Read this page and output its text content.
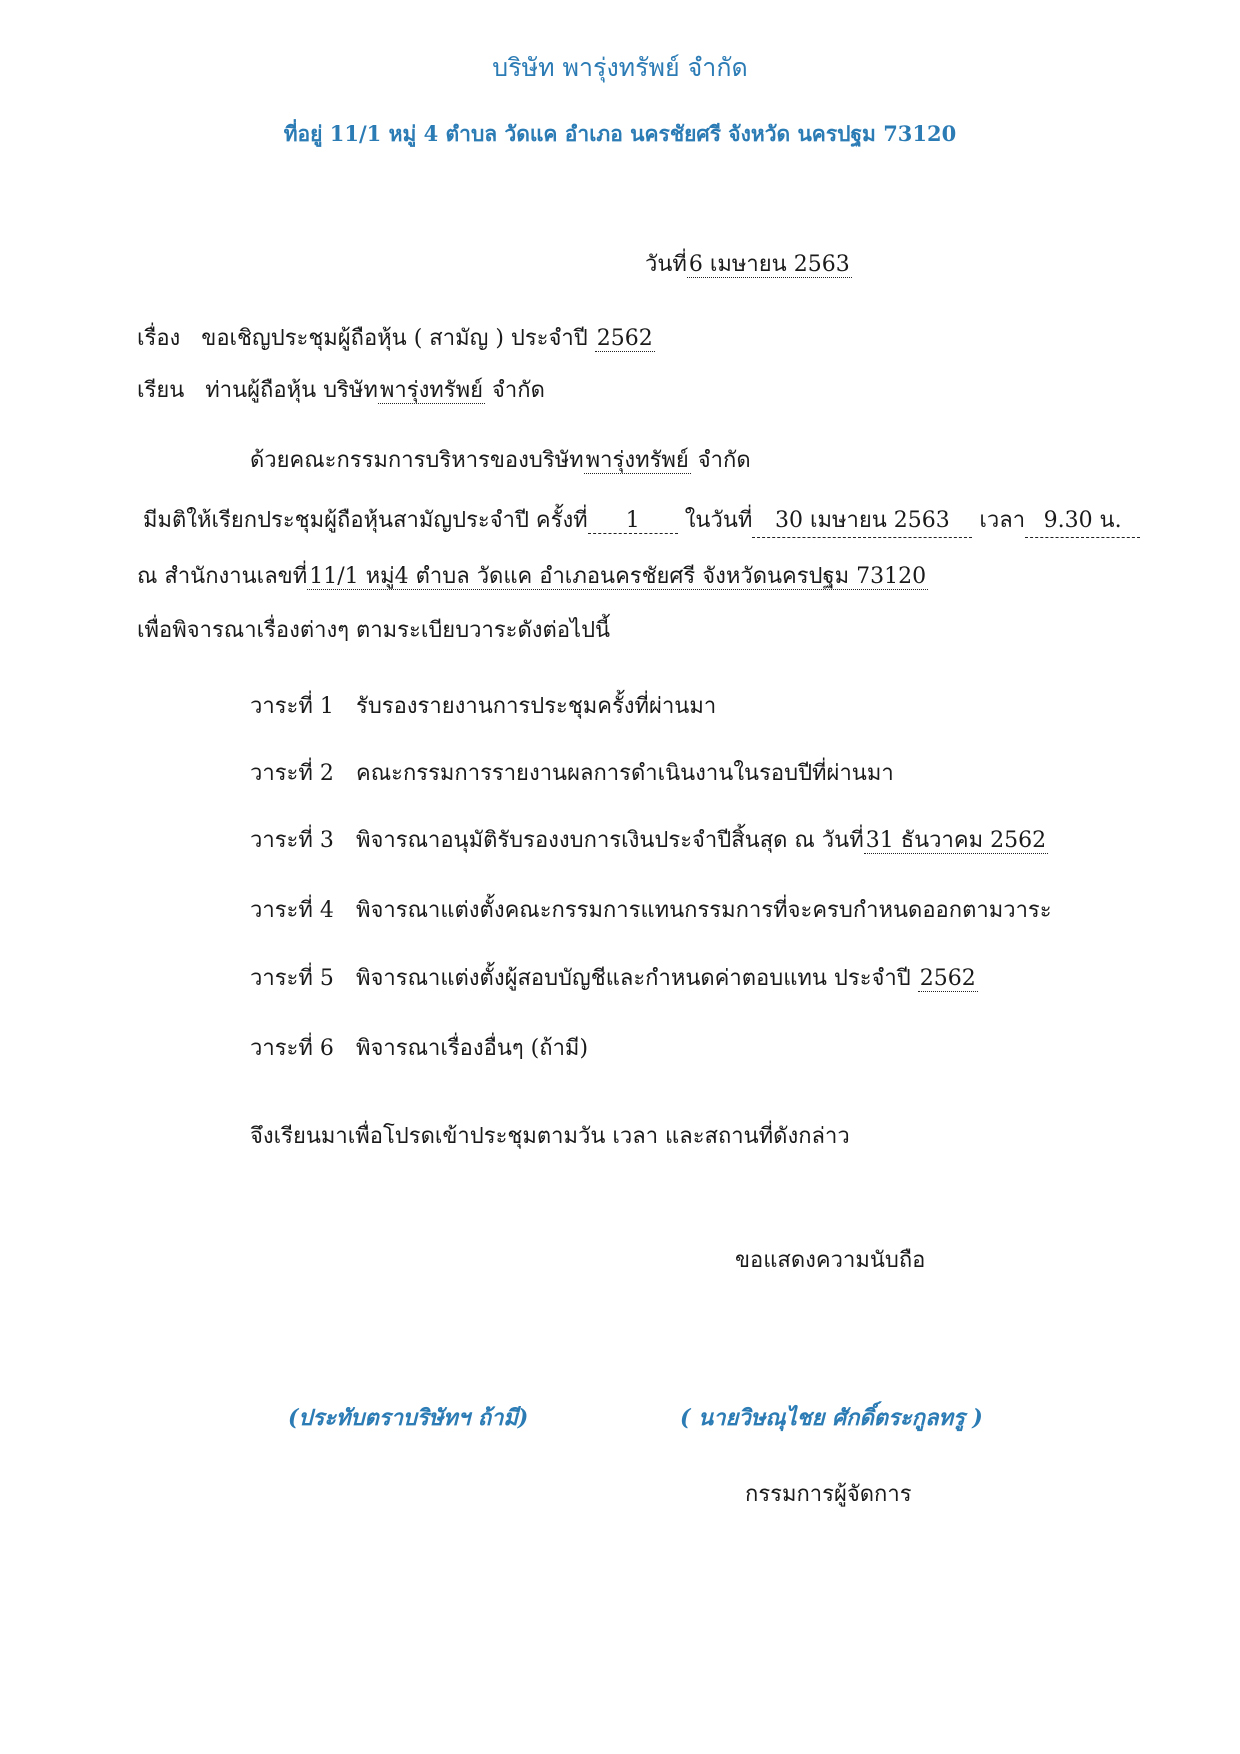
บริษัท พารุ่งทรัพย์ จำกัด
ที่อยู่ 11/1 หมู่ 4 ตำบล วัดแค อำเภอ นครชัยศรี จังหวัด นครปฐม 73120
วันที่6 เมษายน 2563
เรื่อง ขอเชิญประชุมผู้ถือหุ้น ( สามัญ ) ประจำปี 2562
เรียน ท่านผู้ถือหุ้น บริษัทพารุ่งทรัพย์ จำกัด
ด้วยคณะกรรมการบริหารของบริษัทพารุ่งทรัพย์ จำกัด
มีมติให้เรียกประชุมผู้ถือหุ้นสามัญประจำปี ครั้งที่ 1 ในวันที่ 30 เมษายน 2563 เวลา 9.30 น.
ณ สำนักงานเลขที่11/1 หมู่4 ตำบล วัดแค อำเภอนครชัยศรี จังหวัดนครปฐม 73120
เพื่อพิจารณาเรื่องต่างๆ ตามระเบียบวาระดังต่อไปนี้
วาระที่ 1 รับรองรายงานการประชุมครั้งที่ผ่านมา
วาระที่ 2 คณะกรรมการรายงานผลการดำเนินงานในรอบปีที่ผ่านมา
วาระที่ 3 พิจารณาอนุมัติรับรองงบการเงินประจำปีสิ้นสุด ณ วันที่31 ธันวาคม 2562
วาระที่ 4 พิจารณาแต่งตั้งคณะกรรมการแทนกรรมการที่จะครบกำหนดออกตามวาระ
วาระที่ 5 พิจารณาแต่งตั้งผู้สอบบัญชีและกำหนดค่าตอบแทน ประจำปี 2562
วาระที่ 6 พิจารณาเรื่องอื่นๆ (ถ้ามี)
จึงเรียนมาเพื่อโปรดเข้าประชุมตามวัน เวลา และสถานที่ดังกล่าว
ขอแสดงความนับถือ
(ประทับตราบริษัทฯ ถ้ามี)	( นายวิษณุไชย ศักดิ์ตระกูลทรู )
กรรมการผู้จัดการ
